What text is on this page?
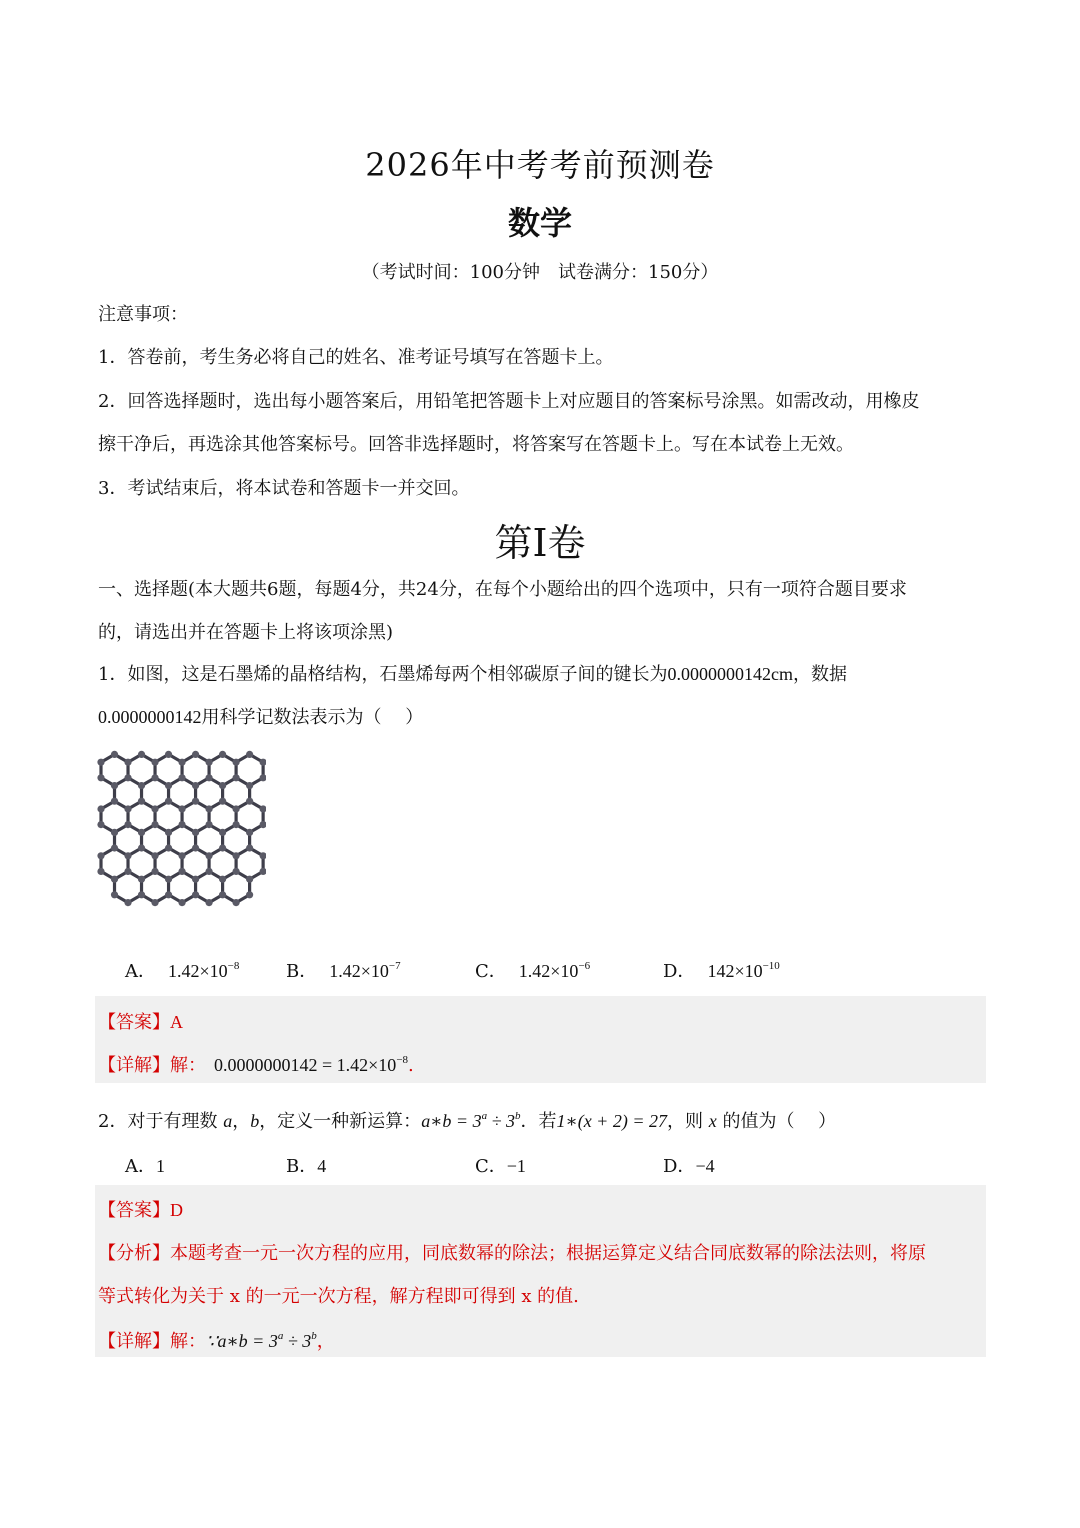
2026年中考考前预测卷
数学
（考试时间：100分钟　试卷满分：150分）
注意事项：
1．答卷前，考生务必将自己的姓名、准考证号填写在答题卡上。
2．回答选择题时，选出每小题答案后，用铅笔把答题卡上对应题目的答案标号涂黑。如需改动，用橡皮
擦干净后，再选涂其他答案标号。回答非选择题时，将答案写在答题卡上。写在本试卷上无效。
3．考试结束后，将本试卷和答题卡一并交回。
第I卷
一、选择题(本大题共6题，每题4分，共24分，在每个小题给出的四个选项中，只有一项符合题目要求
的，请选出并在答题卡上将该项涂黑)
1．如图，这是石墨烯的晶格结构，石墨烯每两个相邻碳原子间的键长为0.0000000142cm，数据
0.0000000142用科学记数法表示为（　 ）
A． $1.42\times 10^{-8}$	B． $1.42\times 10^{-7}$	C． $1.42\times 10^{-6}$	D． $142\times 10^{-10}$
【答案】A
【详解】解： $0.0000000142 = 1.42\times 10^{-8}$.
2．对于有理数 a，b，定义一种新运算：a∗b = $3^a \div 3^b$．若1∗(x + 2) = 27，则 x 的值为（　 ）
A．1	B．4	C．−1	D．−4
【答案】D
【分析】本题考查一元一次方程的应用，同底数幂的除法；根据运算定义结合同底数幂的除法法则，将原
等式转化为关于 x 的一元一次方程，解方程即可得到 x 的值.
【详解】解：∵a∗b = $3^a \div 3^b$，
